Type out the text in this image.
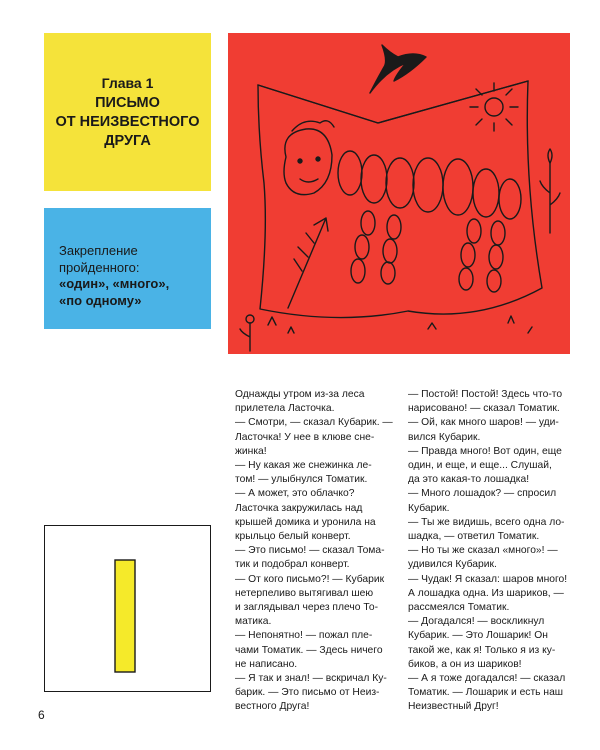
Глава 1
ПИСЬМО
ОТ НЕИЗВЕСТНОГО
ДРУГА
Закрепление
пройденного:
«один», «много»,
«по одному»
Однажды утром из-за леса
прилетела Ласточка.
— Смотри, — сказал Кубарик. —
Ласточка! У нее в клюве сне-
жинка!
— Ну какая же снежинка ле-
том! — улыбнулся Томатик.
— А может, это облачко?
Ласточка закружилась над
крышей домика и уронила на
крыльцо белый конверт.
— Это письмо! — сказал Тома-
тик и подобрал конверт.
— От кого письмо?! — Кубарик
нетерпеливо вытягивал шею
и заглядывал через плечо То-
матика.
— Непонятно! — пожал пле-
чами Томатик. — Здесь ничего
не написано.
— Я так и знал! — вскричал Ку-
барик. — Это письмо от Неиз-
вестного Друга!
— Постой! Постой! Здесь что-то
нарисовано! — сказал Томатик.
— Ой, как много шаров! — уди-
вился Кубарик.
— Правда много! Вот один, еще
один, и еще, и еще... Слушай,
да это какая-то лошадка!
— Много лошадок? — спросил
Кубарик.
— Ты же видишь, всего одна ло-
шадка, — ответил Томатик.
— Но ты же сказал «много»! —
удивился Кубарик.
— Чудак! Я сказал: шаров много!
А лошадка одна. Из шариков, —
рассмеялся Томатик.
— Догадался! — воскликнул
Кубарик. — Это Лошарик! Он
такой же, как я! Только я из ку-
биков, а он из шариков!
— А я тоже догадался! — сказал
Томатик. — Лошарик и есть наш
Неизвестный Друг!
6
